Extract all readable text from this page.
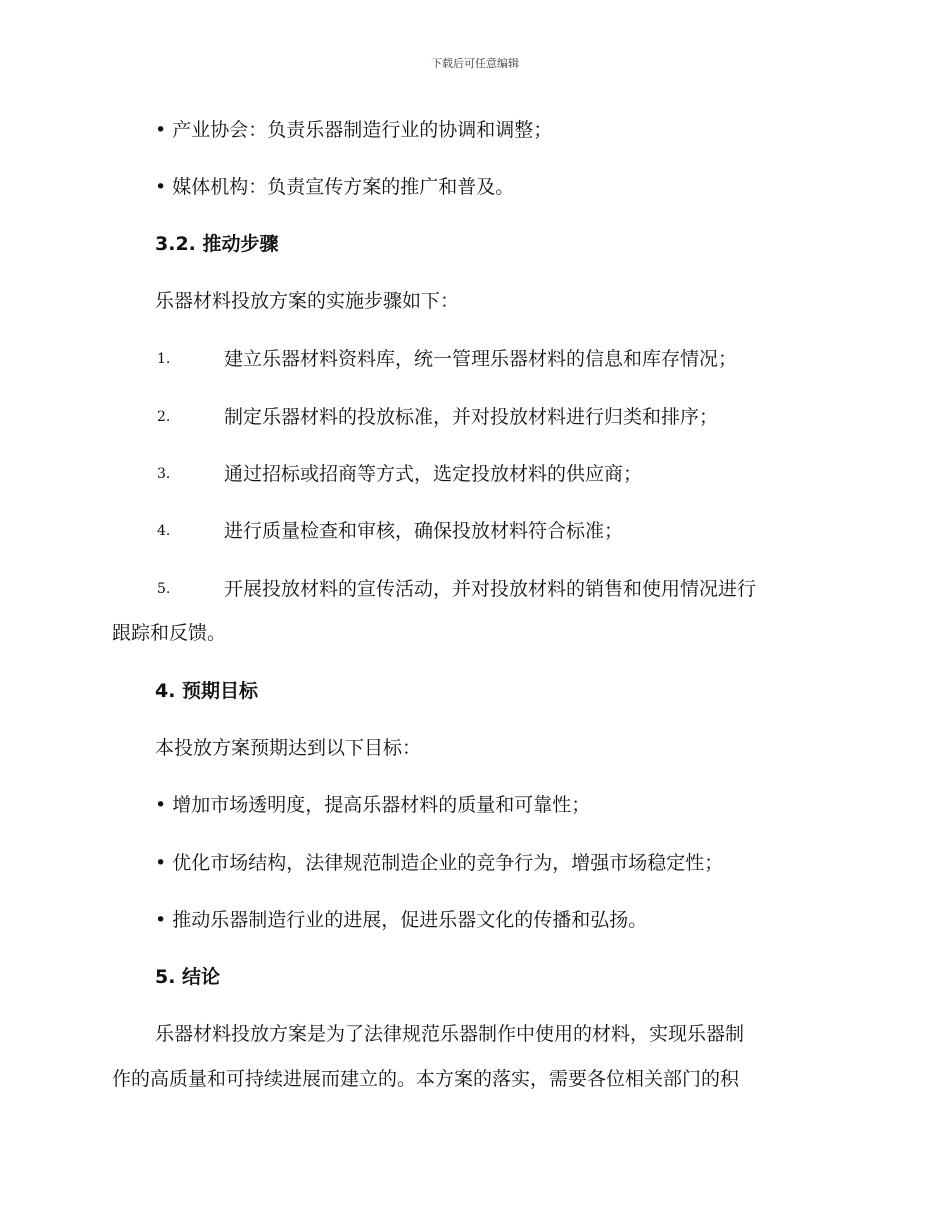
下载后可任意编辑
• 产业协会：负责乐器制造行业的协调和调整；
• 媒体机构：负责宣传方案的推广和普及。
3.2. 推动步骤
乐器材料投放方案的实施步骤如下：
1.	建立乐器材料资料库，统一管理乐器材料的信息和库存情况；
2.	制定乐器材料的投放标准，并对投放材料进行归类和排序；
3.	通过招标或招商等方式，选定投放材料的供应商；
4.	进行质量检查和审核，确保投放材料符合标准；
5.	开展投放材料的宣传活动，并对投放材料的销售和使用情况进行
跟踪和反馈。
4. 预期目标
本投放方案预期达到以下目标：
• 增加市场透明度，提高乐器材料的质量和可靠性；
• 优化市场结构，法律规范制造企业的竞争行为，增强市场稳定性；
• 推动乐器制造行业的进展，促进乐器文化的传播和弘扬。
5. 结论
乐器材料投放方案是为了法律规范乐器制作中使用的材料，实现乐器制
作的高质量和可持续进展而建立的。本方案的落实，需要各位相关部门的积
